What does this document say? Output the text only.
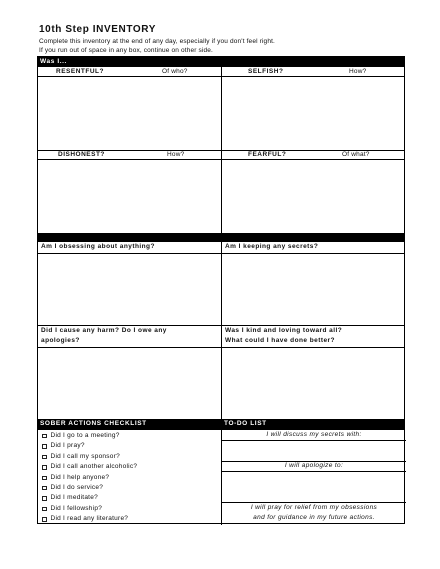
10th Step INVENTORY
Complete this inventory at the end of any day, especially if you don't feel right.
If you run out of space in any box, continue on other side.
Was I...
RESENTFUL?	Of who?	SELFISH?	How?
DISHONEST?	How?	FEARFUL?	Of what?
Am I obsessing about anything?	Am I keeping any secrets?
Did I cause any harm? Do I owe any
apologies?
Was I kind and loving toward all?
What could I have done better?
SOBER ACTIONS CHECKLIST	TO-DO LIST
Did I go to a meeting?
Did I pray?
Did I call my sponsor?
Did I call another alcoholic?
Did I help anyone?
Did I do service?
Did I meditate?
Did I fellowship?
Did I read any literature?
I will discuss my secrets with:
I will apologize to:
I will pray for relief from my obsessions
and for guidance in my future actions.
